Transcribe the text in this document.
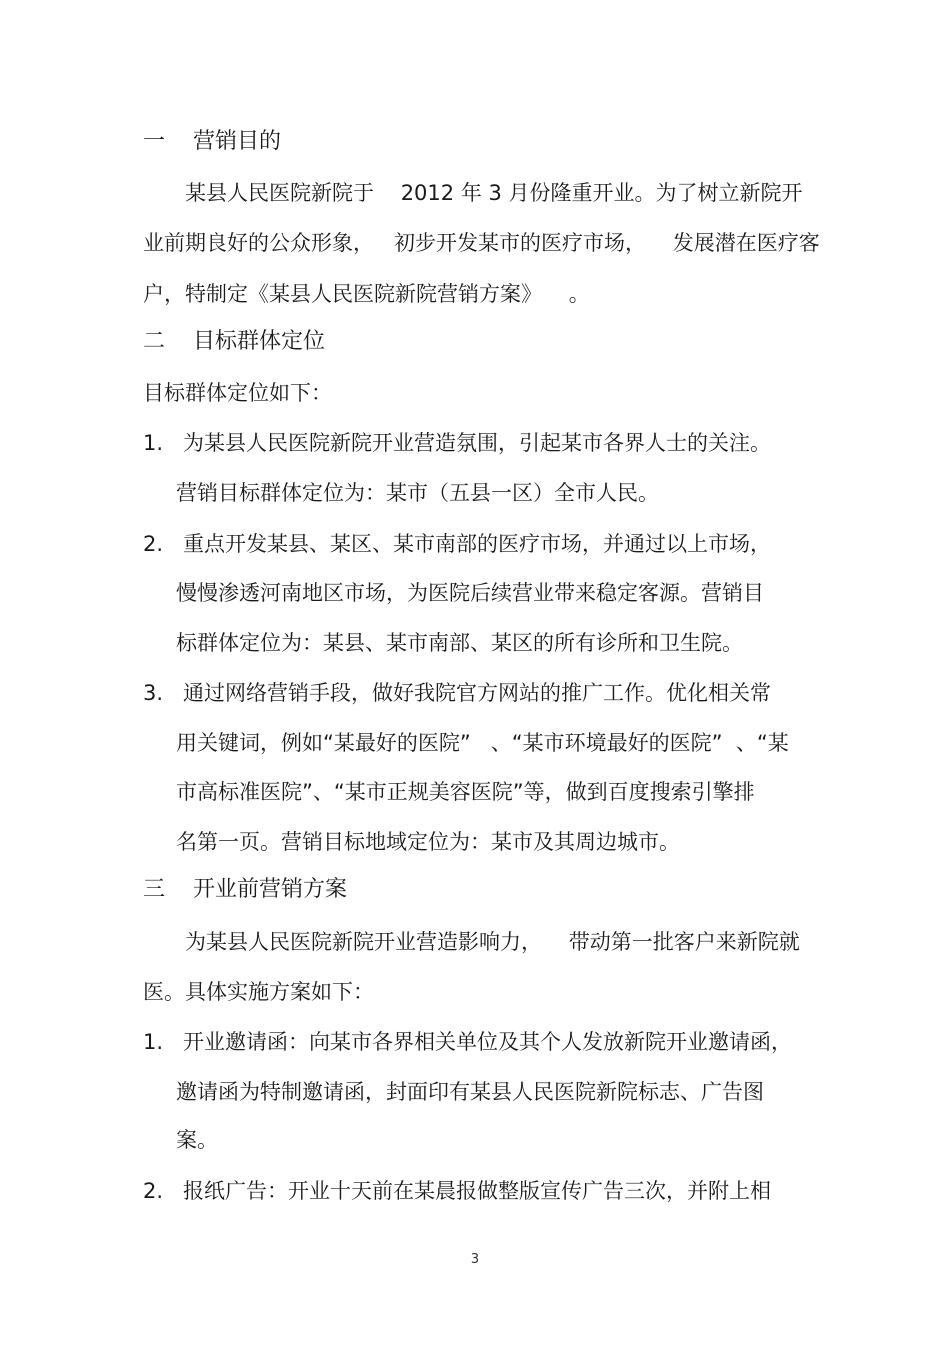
一    营销目的

某县人民医院新院于    2012 年 3 月份隆重开业。为了树立新院开

业前期良好的公众形象，   初步开发某市的医疗市场，    发展潜在医疗客

户，特制定《某县人民医院新院营销方案》    。

二    目标群体定位

目标群体定位如下：

1.   为某县人民医院新院开业营造氛围，引起某市各界人士的关注。

营销目标群体定位为：某市（五县一区）全市人民。

2.   重点开发某县、某区、某市南部的医疗市场，并通过以上市场，

慢慢渗透河南地区市场，为医院后续营业带来稳定客源。营销目

标群体定位为：某县、某市南部、某区的所有诊所和卫生院。

3.   通过网络营销手段，做好我院官方网站的推广工作。优化相关常

用关键词，例如“某最好的医院”   、“某市环境最好的医院”  、“某

市高标准医院”、“某市正规美容医院”等，做到百度搜索引擎排

名第一页。营销目标地域定位为：某市及其周边城市。

三    开业前营销方案

为某县人民医院新院开业营造影响力，    带动第一批客户来新院就

医。具体实施方案如下：

1.   开业邀请函：向某市各界相关单位及其个人发放新院开业邀请函，

邀请函为特制邀请函，封面印有某县人民医院新院标志、广告图

案。

2.   报纸广告：开业十天前在某晨报做整版宣传广告三次，并附上相

3
